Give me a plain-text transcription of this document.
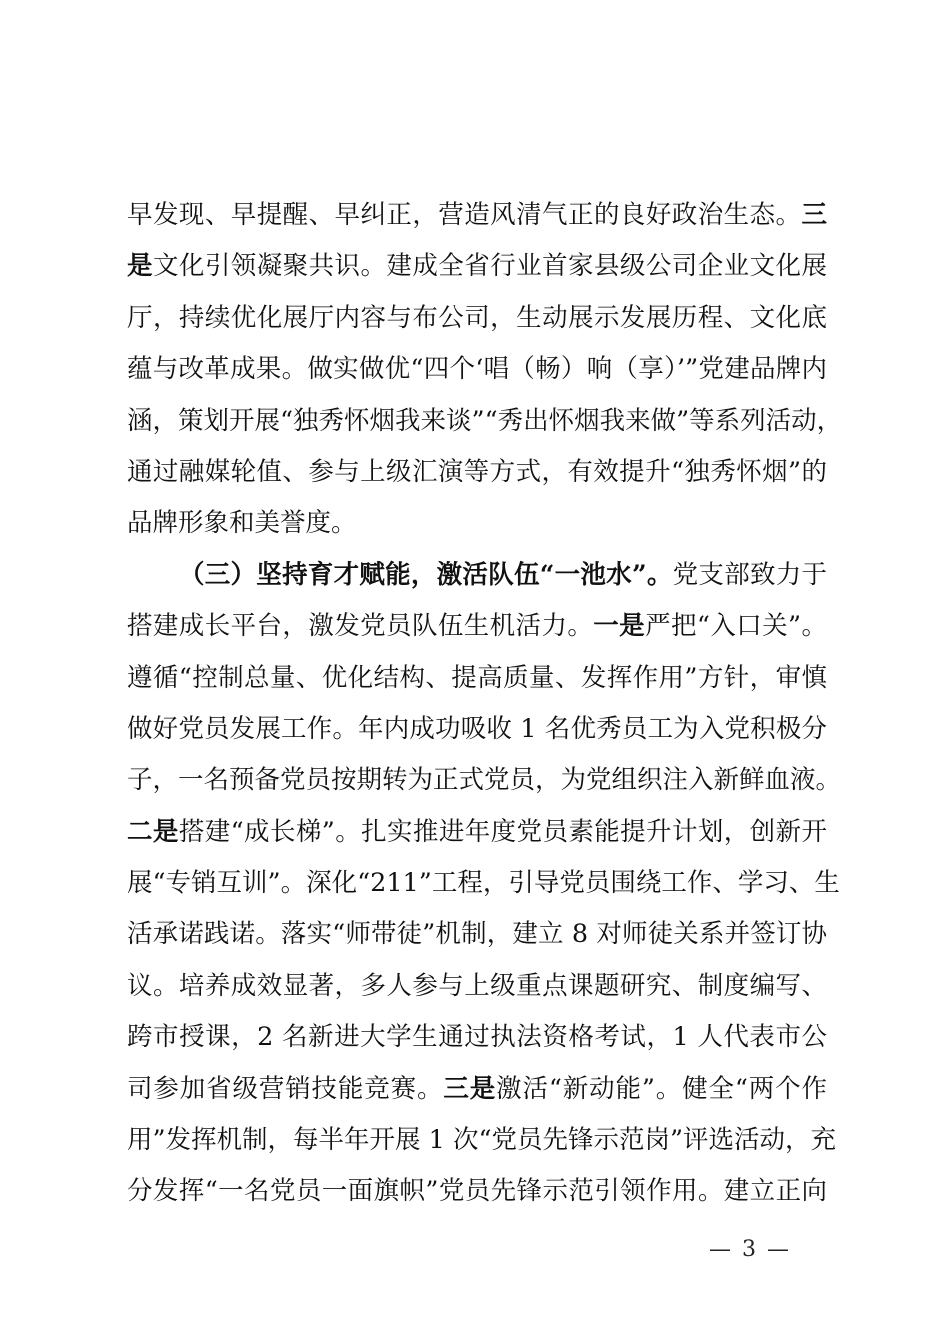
早发现、早提醒、早纠正，营造风清气正的良好政治生态。三
是文化引领凝聚共识。建成全省行业首家县级公司企业文化展
厅，持续优化展厅内容与布公司，生动展示发展历程、文化底
蕴与改革成果。做实做优“四个‘唱（畅）响（享）’”党建品牌内
涵，策划开展“独秀怀烟我来谈”“秀出怀烟我来做”等系列活动，
通过融媒轮值、参与上级汇演等方式，有效提升“独秀怀烟”的
品牌形象和美誉度。
（三）坚持育才赋能，激活队伍“一池水”。党支部致力于
搭建成长平台，激发党员队伍生机活力。一是严把“入口关”。
遵循“控制总量、优化结构、提高质量、发挥作用”方针，审慎
做好党员发展工作。年内成功吸收 1 名优秀员工为入党积极分
子，一名预备党员按期转为正式党员，为党组织注入新鲜血液。
二是搭建“成长梯”。扎实推进年度党员素能提升计划，创新开
展“专销互训”。深化“211”工程，引导党员围绕工作、学习、生
活承诺践诺。落实“师带徒”机制，建立 8 对师徒关系并签订协
议。培养成效显著，多人参与上级重点课题研究、制度编写、
跨市授课，2 名新进大学生通过执法资格考试，1 人代表市公
司参加省级营销技能竞赛。三是激活“新动能”。健全“两个作
用”发挥机制，每半年开展 1 次“党员先锋示范岗”评选活动，充
分发挥“一名党员一面旗帜”党员先锋示范引领作用。建立正向
— 3 —
